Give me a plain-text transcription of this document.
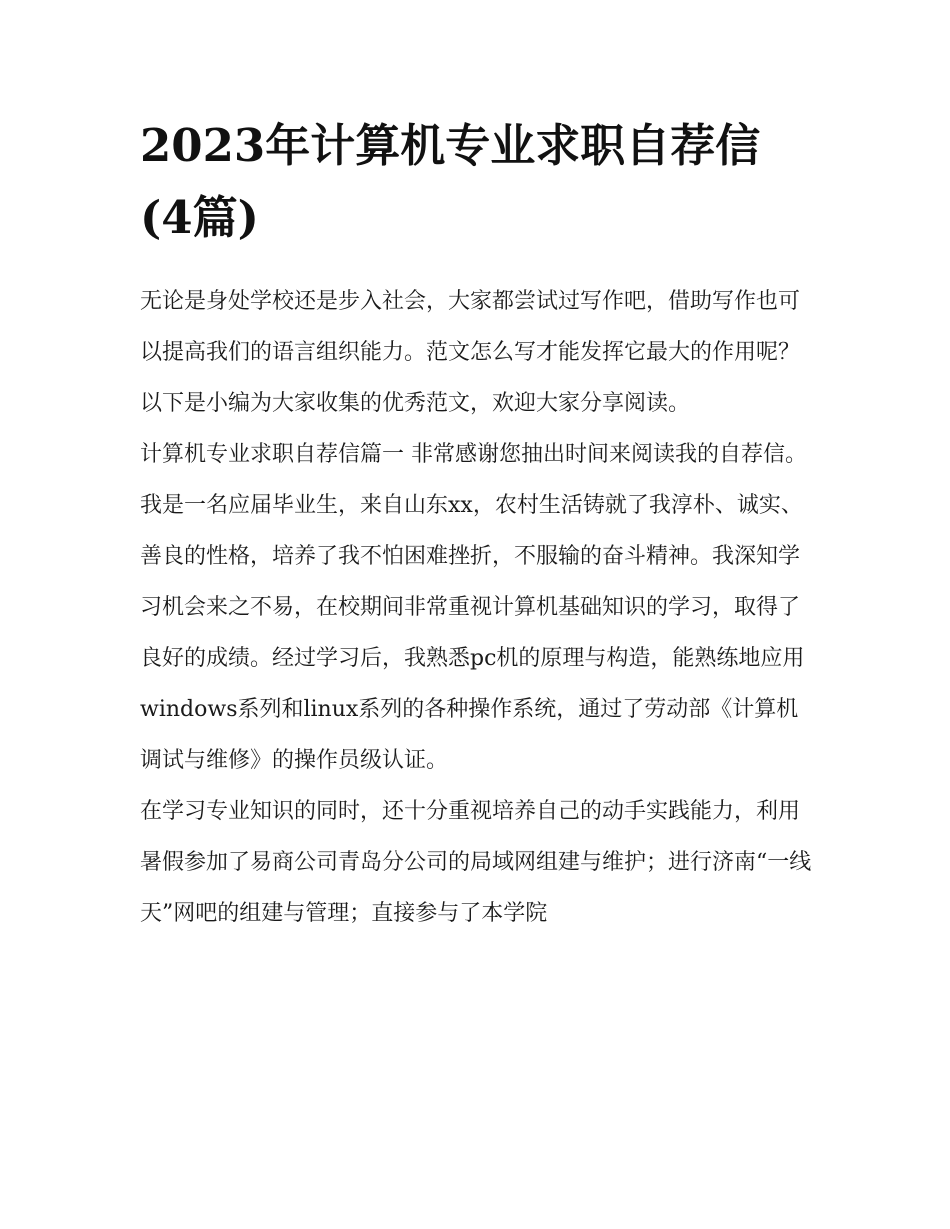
2023年计算机专业求职自荐信(4篇)

无论是身处学校还是步入社会，大家都尝试过写作吧，借助写作也可以提高我们的语言组织能力。范文怎么写才能发挥它最大的作用呢？以下是小编为大家收集的优秀范文，欢迎大家分享阅读。

计算机专业求职自荐信篇一 非常感谢您抽出时间来阅读我的自荐信。

我是一名应届毕业生，来自山东xx，农村生活铸就了我淳朴、诚实、善良的性格，培养了我不怕困难挫折，不服输的奋斗精神。我深知学习机会来之不易，在校期间非常重视计算机基础知识的学习，取得了良好的成绩。经过学习后，我熟悉pc机的原理与构造，能熟练地应用windows系列和linux系列的各种操作系统，通过了劳动部《计算机调试与维修》的操作员级认证。

在学习专业知识的同时，还十分重视培养自己的动手实践能力，利用暑假参加了易商公司青岛分公司的局域网组建与维护；进行济南“一线天”网吧的组建与管理；直接参与了本学院
